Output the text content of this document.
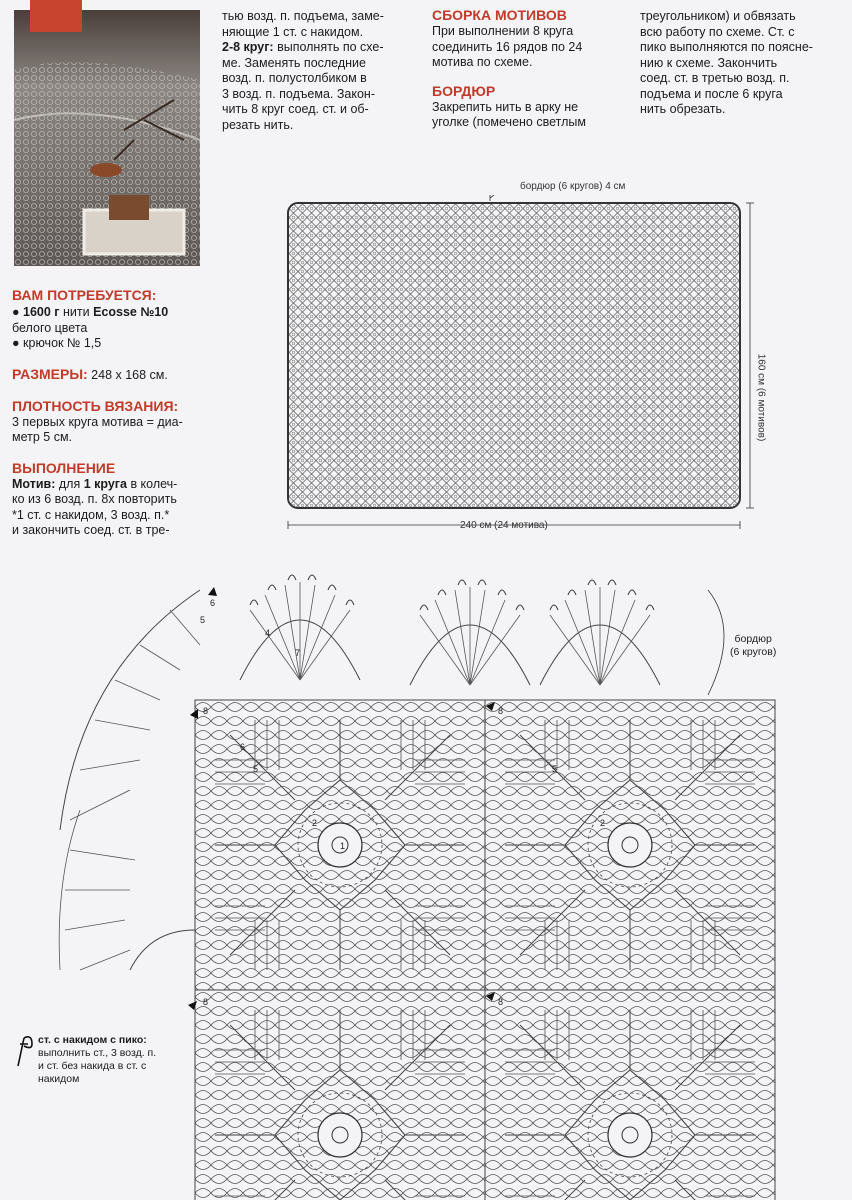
тью возд. п. подъема, заме-
няющие 1 ст. с накидом.
2-8 круг: выполнять по схе-
ме. Заменять последние
возд. п. полустолбиком в
3 возд. п. подъема. Закон-
чить 8 круг соед. ст. и об-
резать нить.
СБОРКА МОТИВОВ
При выполнении 8 круга
соединить 16 рядов по 24
мотива по схеме.
БОРДЮР
Закрепить нить в арку не
уголке (помечено светлым
треугольником) и обвязать
всю работу по схеме. Ст. с
пико выполняются по поясне-
нию к схеме. Закончить
соед. ст. в третью возд. п.
подъема и после 6 круга
нить обрезать.
ВАМ ПОТРЕБУЕТСЯ:
● 1600 г нити Ecosse №10
белого цвета
● крючок № 1,5
РАЗМЕРЫ: 248 х 168 см.
ПЛОТНОСТЬ ВЯЗАНИЯ:
3 первых круга мотива = диа-
метр 5 см.
ВЫПОЛНЕНИЕ
Мотив: для 1 круга в колеч-
ко из 6 возд. п. 8х повторить
*1 ст. с накидом, 3 возд. п.*
и закончить соед. ст. в тре-
бордюр (6 кругов) 4 см
160 см (6 мотивов)
240 см (24 мотива)
6
5
4
7
8
6
5
2
1
8
5
2
8	8
бордюр
(6 кругов)
ст. с накидом с пико:
выполнить ст., 3 возд. п.
и ст. без накида в ст. с
накидом
